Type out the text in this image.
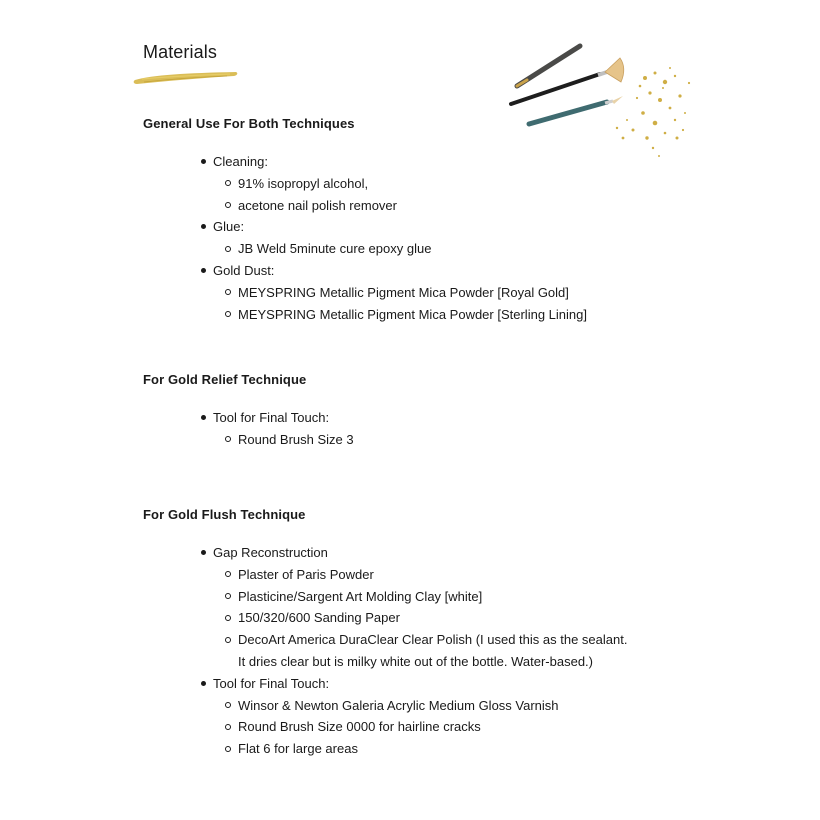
Materials
General Use For Both Techniques
Cleaning:
91% isopropyl alcohol,
acetone nail polish remover
Glue:
JB Weld 5minute cure epoxy glue
Gold Dust:
MEYSPRING Metallic Pigment Mica Powder [Royal Gold]
MEYSPRING Metallic Pigment Mica Powder [Sterling Lining]
For Gold Relief Technique
Tool for Final Touch:
Round Brush Size 3
For Gold Flush Technique
Gap Reconstruction
Plaster of Paris Powder
Plasticine/Sargent Art Molding Clay [white]
150/320/600 Sanding Paper
DecoArt America DuraClear Clear Polish (I used this as the sealant. It dries clear but is milky white out of the bottle. Water-based.)
Tool for Final Touch:
Winsor & Newton Galeria Acrylic Medium Gloss Varnish
Round Brush Size 0000 for hairline cracks
Flat 6 for large areas
